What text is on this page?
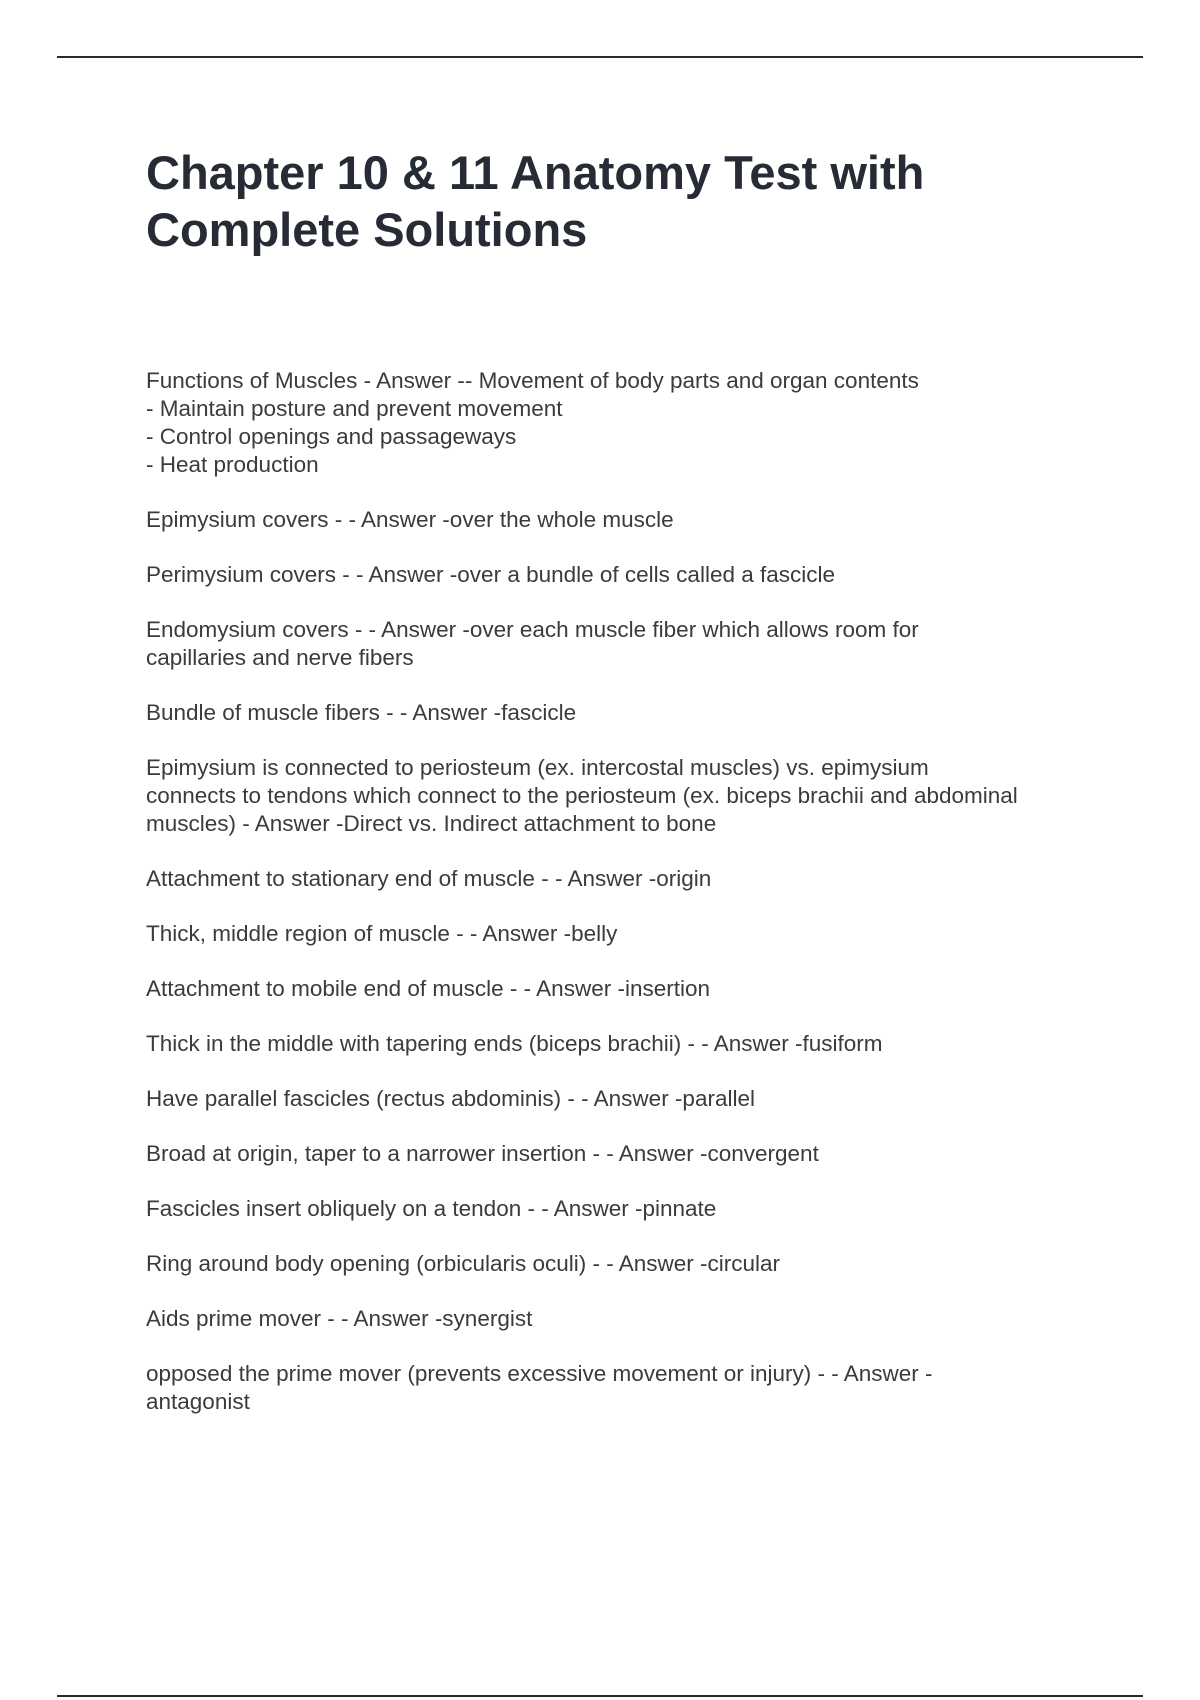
Chapter 10 & 11 Anatomy Test with
Complete Solutions
Functions of Muscles - Answer -- Movement of body parts and organ contents
- Maintain posture and prevent movement
- Control openings and passageways
- Heat production
Epimysium covers - - Answer -over the whole muscle
Perimysium covers - - Answer -over a bundle of cells called a fascicle
Endomysium covers - - Answer -over each muscle fiber which allows room for
capillaries and nerve fibers
Bundle of muscle fibers - - Answer -fascicle
Epimysium is connected to periosteum (ex. intercostal muscles) vs. epimysium
connects to tendons which connect to the periosteum (ex. biceps brachii and abdominal
muscles) - Answer -Direct vs. Indirect attachment to bone
Attachment to stationary end of muscle - - Answer -origin
Thick, middle region of muscle - - Answer -belly
Attachment to mobile end of muscle - - Answer -insertion
Thick in the middle with tapering ends (biceps brachii) - - Answer -fusiform
Have parallel fascicles (rectus abdominis) - - Answer -parallel
Broad at origin, taper to a narrower insertion - - Answer -convergent
Fascicles insert obliquely on a tendon - - Answer -pinnate
Ring around body opening (orbicularis oculi) - - Answer -circular
Aids prime mover - - Answer -synergist
opposed the prime mover (prevents excessive movement or injury) - - Answer -
antagonist
